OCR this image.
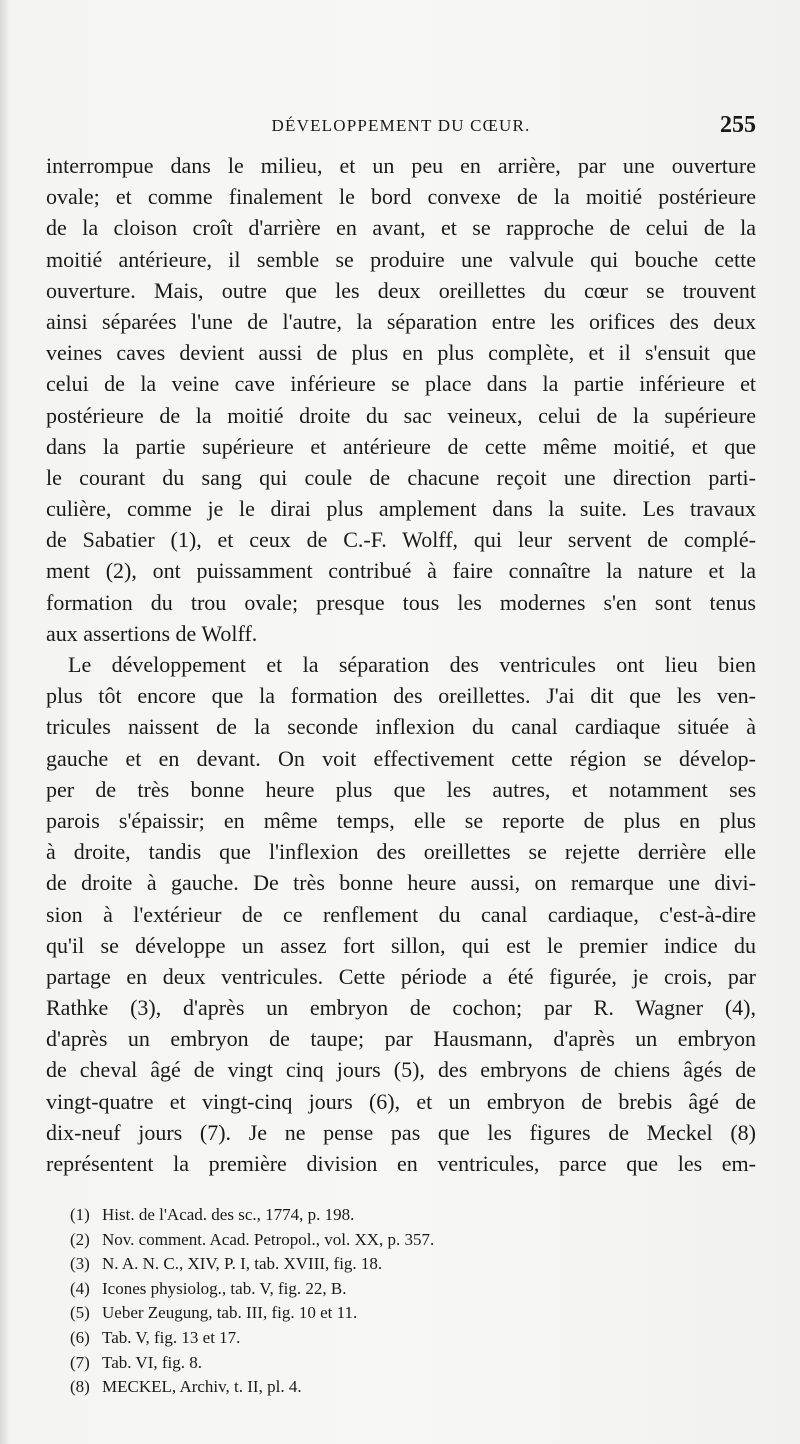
DÉVELOPPEMENT DU CŒUR.	255
interrompue dans le milieu, et un peu en arrière, par une ouverture
ovale; et comme finalement le bord convexe de la moitié postérieure
de la cloison croît d'arrière en avant, et se rapproche de celui de la
moitié antérieure, il semble se produire une valvule qui bouche cette
ouverture. Mais, outre que les deux oreillettes du cœur se trouvent
ainsi séparées l'une de l'autre, la séparation entre les orifices des deux
veines caves devient aussi de plus en plus complète, et il s'ensuit que
celui de la veine cave inférieure se place dans la partie inférieure et
postérieure de la moitié droite du sac veineux, celui de la supérieure
dans la partie supérieure et antérieure de cette même moitié, et que
le courant du sang qui coule de chacune reçoit une direction parti-
culière, comme je le dirai plus amplement dans la suite. Les travaux
de Sabatier (1), et ceux de C.-F. Wolff, qui leur servent de complé-
ment (2), ont puissamment contribué à faire connaître la nature et la
formation du trou ovale; presque tous les modernes s'en sont tenus
aux assertions de Wolff.
Le développement et la séparation des ventricules ont lieu bien
plus tôt encore que la formation des oreillettes. J'ai dit que les ven-
tricules naissent de la seconde inflexion du canal cardiaque située à
gauche et en devant. On voit effectivement cette région se dévelop-
per de très bonne heure plus que les autres, et notamment ses
parois s'épaissir; en même temps, elle se reporte de plus en plus
à droite, tandis que l'inflexion des oreillettes se rejette derrière elle
de droite à gauche. De très bonne heure aussi, on remarque une divi-
sion à l'extérieur de ce renflement du canal cardiaque, c'est-à-dire
qu'il se développe un assez fort sillon, qui est le premier indice du
partage en deux ventricules. Cette période a été figurée, je crois, par
Rathke (3), d'après un embryon de cochon; par R. Wagner (4),
d'après un embryon de taupe; par Hausmann, d'après un embryon
de cheval âgé de vingt cinq jours (5), des embryons de chiens âgés de
vingt-quatre et vingt-cinq jours (6), et un embryon de brebis âgé de
dix-neuf jours (7). Je ne pense pas que les figures de Meckel (8)
représentent la première division en ventricules, parce que les em-
(1) Hist. de l'Acad. des sc., 1774, p. 198.
(2) Nov. comment. Acad. Petropol., vol. XX, p. 357.
(3) N. A. N. C., XIV, P. I, tab. XVIII, fig. 18.
(4) Icones physiolog., tab. V, fig. 22, B.
(5) Ueber Zeugung, tab. III, fig. 10 et 11.
(6) Tab. V, fig. 13 et 17.
(7) Tab. VI, fig. 8.
(8) MECKEL, Archiv, t. II, pl. 4.
